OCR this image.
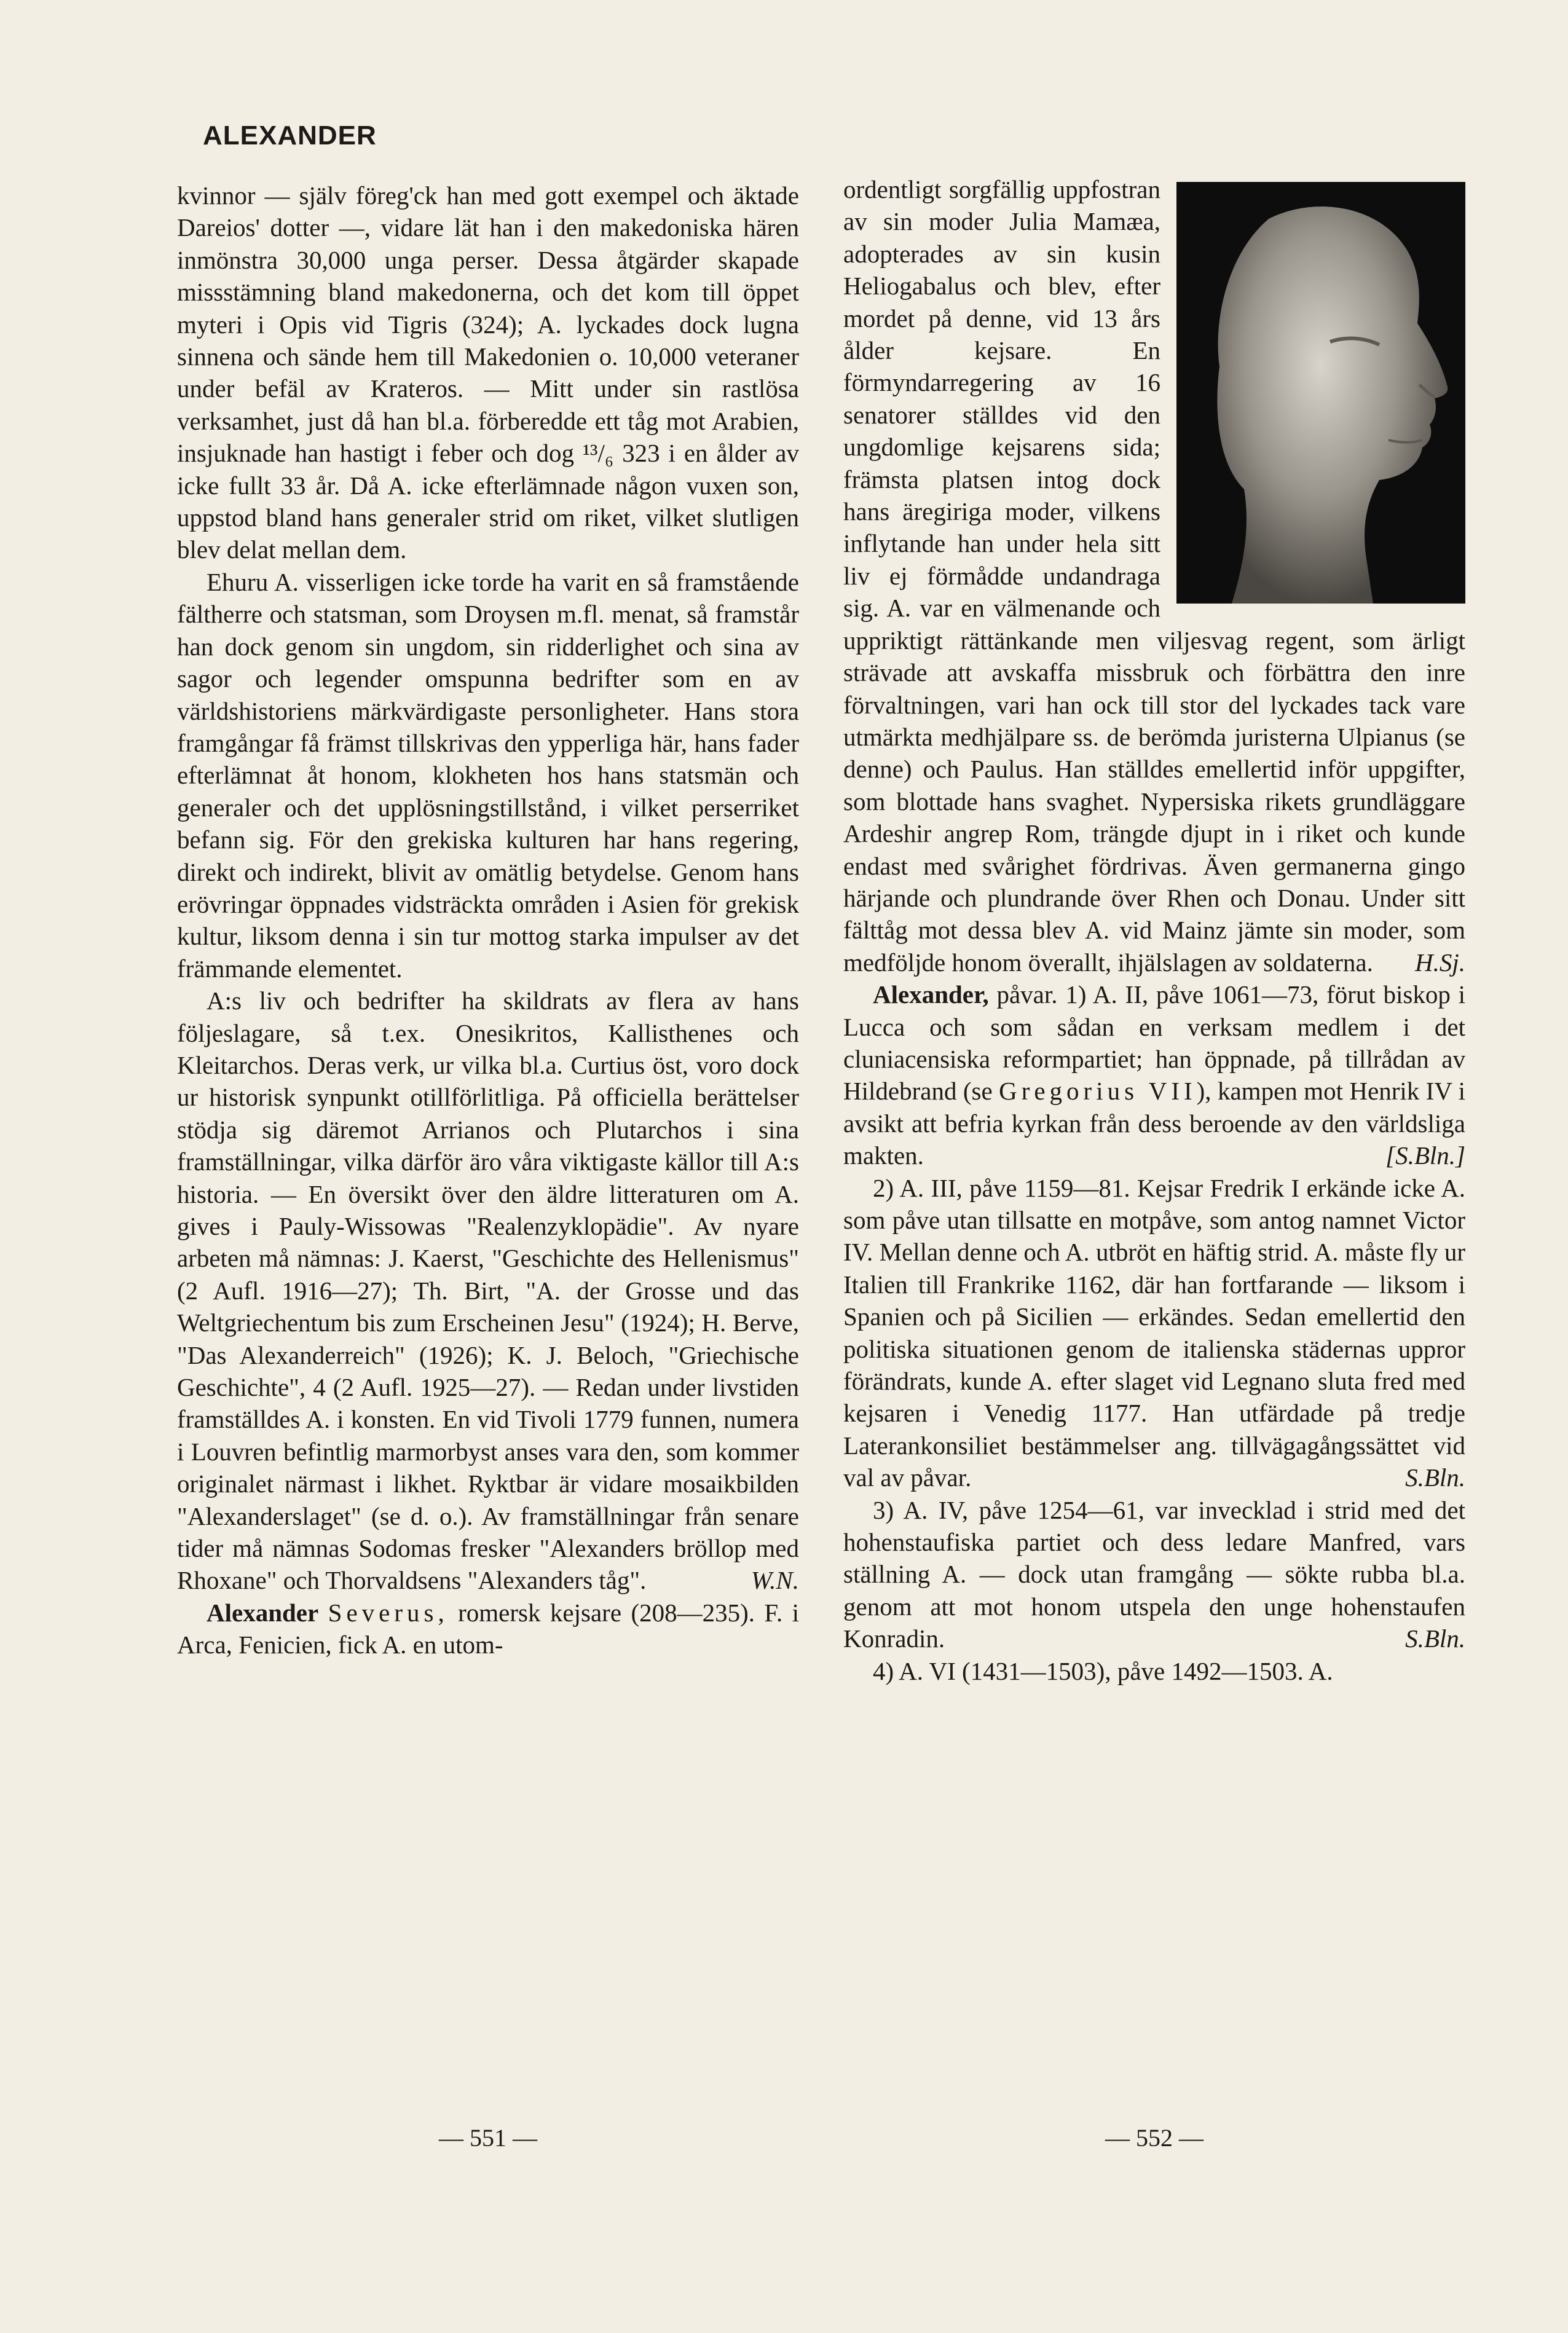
ALEXANDER

kvinnor — själv föreg'ck han med gott exempel och äktade Dareios' dotter —, vidare lät han i den makedoniska hären inmönstra 30,000 unga perser. Dessa åtgärder skapade missstämning bland makedonerna, och det kom till öppet myteri i Opis vid Tigris (324); A. lyckades dock lugna sinnena och sände hem till Makedonien o. 10,000 veteraner under befäl av Krateros. — Mitt under sin rastlösa verksamhet, just då han bl.a. förberedde ett tåg mot Arabien, insjuknade han hastigt i feber och dog ¹³/₆ 323 i en ålder av icke fullt 33 år. Då A. icke efterlämnade någon vuxen son, uppstod bland hans generaler strid om riket, vilket slutligen blev delat mellan dem.

Ehuru A. visserligen icke torde ha varit en så framstående fältherre och statsman, som Droysen m.fl. menat, så framstår han dock genom sin ungdom, sin ridderlighet och sina av sagor och legender omspunna bedrifter som en av världshistoriens märkvärdigaste personligheter. Hans stora framgångar få främst tillskrivas den ypperliga här, hans fader efterlämnat åt honom, klokheten hos hans statsmän och generaler och det upplösningstillstånd, i vilket perserriket befann sig. För den grekiska kulturen har hans regering, direkt och indirekt, blivit av omätlig betydelse. Genom hans erövringar öppnades vidsträckta områden i Asien för grekisk kultur, liksom denna i sin tur mottog starka impulser av det främmande elementet.

A:s liv och bedrifter ha skildrats av flera av hans följeslagare, så t.ex. Onesikritos, Kallisthenes och Kleitarchos. Deras verk, ur vilka bl.a. Curtius öst, voro dock ur historisk synpunkt otillförlitliga. På officiella berättelser stödja sig däremot Arrianos och Plutarchos i sina framställningar, vilka därför äro våra viktigaste källor till A:s historia. — En översikt över den äldre litteraturen om A. gives i Pauly-Wissowas "Realenzyklopädie". Av nyare arbeten må nämnas: J. Kaerst, "Geschichte des Hellenismus" (2 Aufl. 1916—27); Th. Birt, "A. der Grosse und das Weltgriechentum bis zum Erscheinen Jesu" (1924); H. Berve, "Das Alexanderreich" (1926); K. J. Beloch, "Griechische Geschichte", 4 (2 Aufl. 1925—27). — Redan under livstiden framställdes A. i konsten. En vid Tivoli 1779 funnen, numera i Louvren befintlig marmorbyst anses vara den, som kommer originalet närmast i likhet. Ryktbar är vidare mosaikbilden "Alexanderslaget" (se d. o.). Av framställningar från senare tider må nämnas Sodomas fresker "Alexanders bröllop med Rhoxane" och Thorvaldsens "Alexanders tåg".	W.N.

Alexander Severus, romersk kejsare (208—235). F. i Arca, Fenicien, fick A. en utom-

ordentligt sorgfällig uppfostran av sin moder Julia Mamæa, adopterades av sin kusin Heliogabalus och blev, efter mordet på denne, vid 13 års ålder kejsare. En förmyndarregering av 16 senatorer ställdes vid den ungdomlige kejsarens sida; främsta platsen intog dock hans äregiriga moder, vilkens inflytande han under hela sitt liv ej förmådde undandraga sig. A. var en välmenande och uppriktigt rättänkande men viljesvag regent, som ärligt strävade att avskaffa missbruk och förbättra den inre förvaltningen, vari han ock till stor del lyckades tack vare utmärkta medhjälpare ss. de berömda juristerna Ulpianus (se denne) och Paulus. Han ställdes emellertid inför uppgifter, som blottade hans svaghet. Nypersiska rikets grundläggare Ardeshir angrep Rom, trängde djupt in i riket och kunde endast med svårighet fördrivas. Även germanerna gingo härjande och plundrande över Rhen och Donau. Under sitt fälttåg mot dessa blev A. vid Mainz jämte sin moder, som medföljde honom överallt, ihjälslagen av soldaterna. H.Sj.

Alexander, påvar. 1) A. II, påve 1061—73, förut biskop i Lucca och som sådan en verksam medlem i det cluniacensiska reformpartiet; han öppnade, på tillrådan av Hildebrand (se Gregorius VII), kampen mot Henrik IV i avsikt att befria kyrkan från dess beroende av den världsliga makten.	[S.Bln.]

2) A. III, påve 1159—81. Kejsar Fredrik I erkände icke A. som påve utan tillsatte en motpåve, som antog namnet Victor IV. Mellan denne och A. utbröt en häftig strid. A. måste fly ur Italien till Frankrike 1162, där han fortfarande — liksom i Spanien och på Sicilien — erkändes. Sedan emellertid den politiska situationen genom de italienska städernas uppror förändrats, kunde A. efter slaget vid Legnano sluta fred med kejsaren i Venedig 1177. Han utfärdade på tredje Laterankonsiliet bestämmelser ang. tillvägagångssättet vid val av påvar.	S.Bln.

3) A. IV, påve 1254—61, var invecklad i strid med det hohenstaufiska partiet och dess ledare Manfred, vars ställning A. — dock utan framgång — sökte rubba bl.a. genom att mot honom utspela den unge hohenstaufen Konradin.	S.Bln.

4) A. VI (1431—1503), påve 1492—1503. A.

— 551 —	— 552 —
